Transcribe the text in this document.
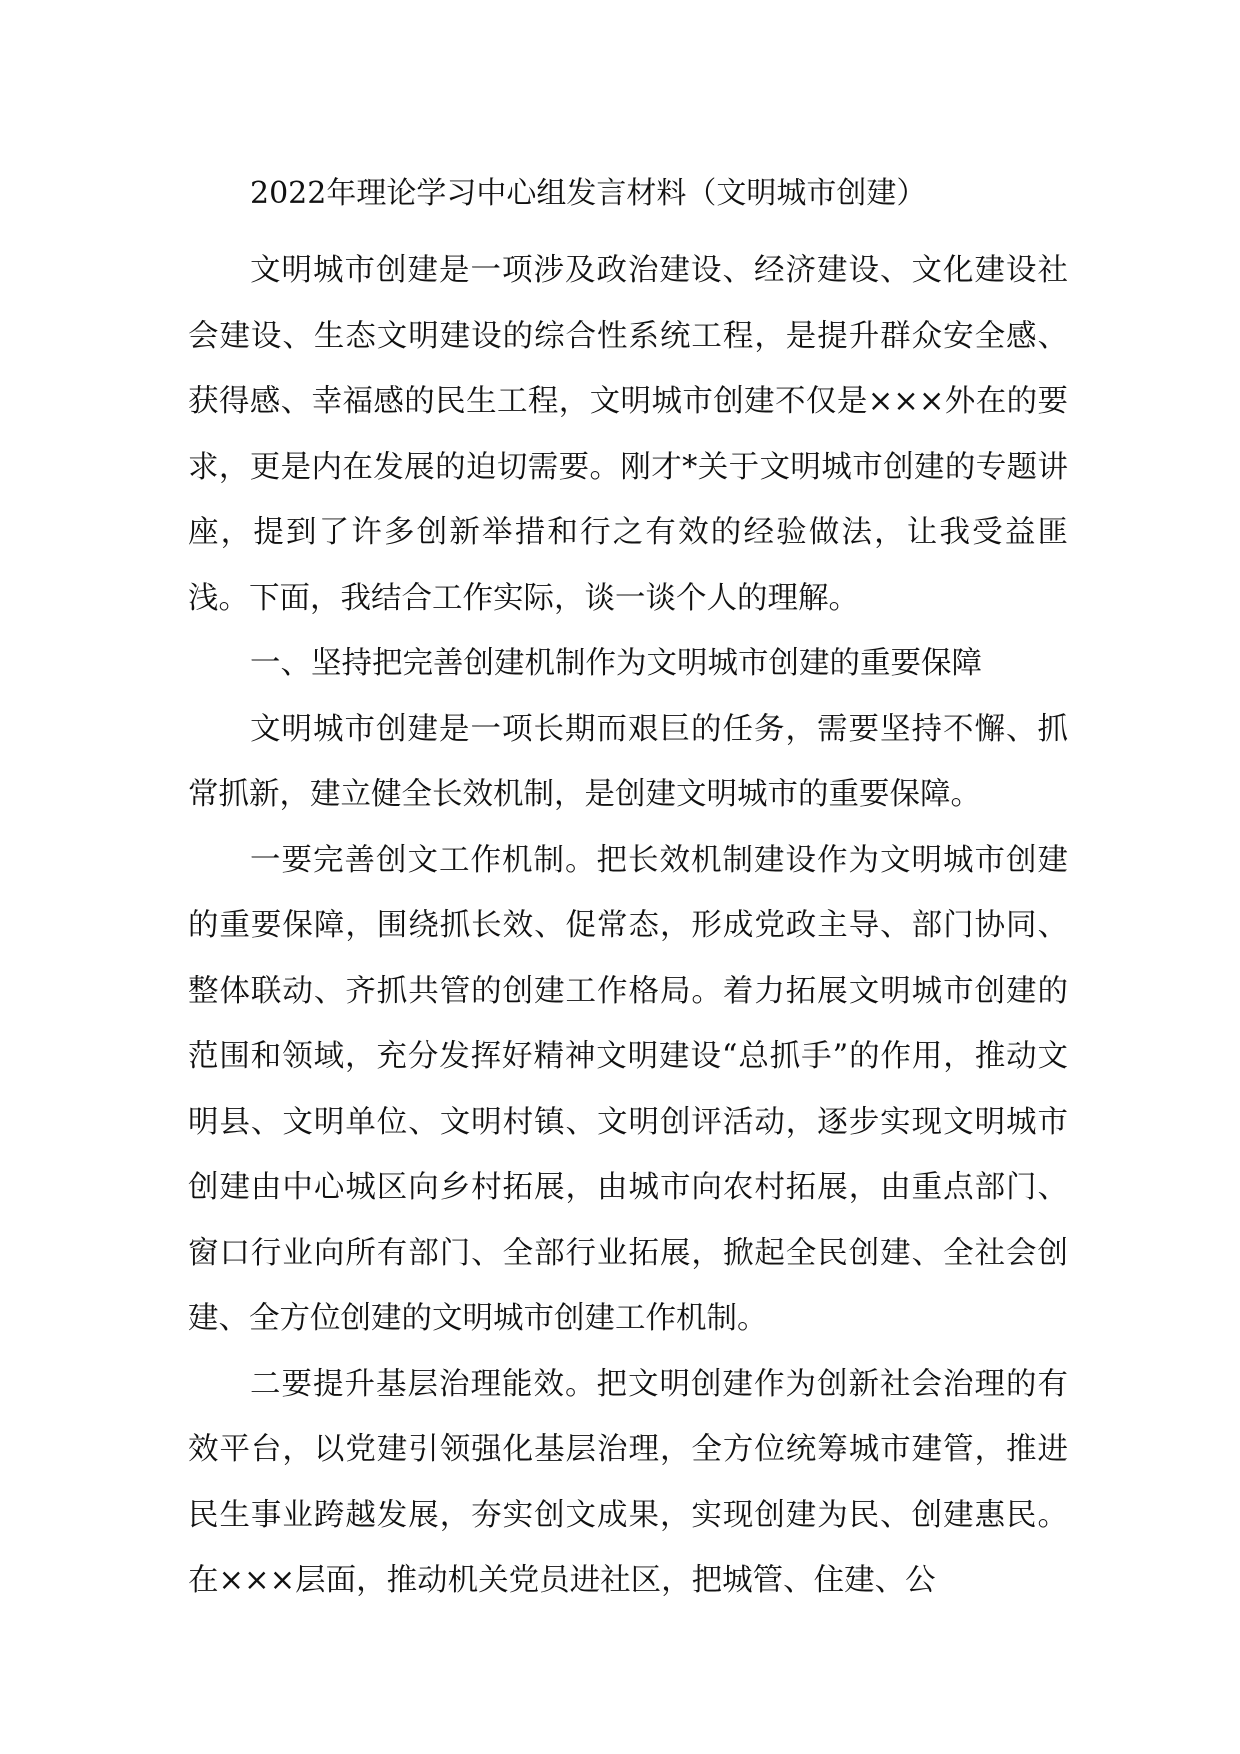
2022年理论学习中心组发言材料（文明城市创建）

文明城市创建是一项涉及政治建设、经济建设、文化建设社会建设、生态文明建设的综合性系统工程，是提升群众安全感、获得感、幸福感的民生工程，文明城市创建不仅是×××外在的要求，更是内在发展的迫切需要。刚才*关于文明城市创建的专题讲座，提到了许多创新举措和行之有效的经验做法，让我受益匪浅。下面，我结合工作实际，谈一谈个人的理解。

一、坚持把完善创建机制作为文明城市创建的重要保障

文明城市创建是一项长期而艰巨的任务，需要坚持不懈、抓常抓新，建立健全长效机制，是创建文明城市的重要保障。

一要完善创文工作机制。把长效机制建设作为文明城市创建的重要保障，围绕抓长效、促常态，形成党政主导、部门协同、整体联动、齐抓共管的创建工作格局。着力拓展文明城市创建的范围和领域，充分发挥好精神文明建设“总抓手”的作用，推动文明县、文明单位、文明村镇、文明创评活动，逐步实现文明城市创建由中心城区向乡村拓展，由城市向农村拓展，由重点部门、窗口行业向所有部门、全部行业拓展，掀起全民创建、全社会创建、全方位创建的文明城市创建工作机制。

二要提升基层治理能效。把文明创建作为创新社会治理的有效平台，以党建引领强化基层治理，全方位统筹城市建管，推进民生事业跨越发展，夯实创文成果，实现创建为民、创建惠民。在×××层面，推动机关党员进社区，把城管、住建、公
